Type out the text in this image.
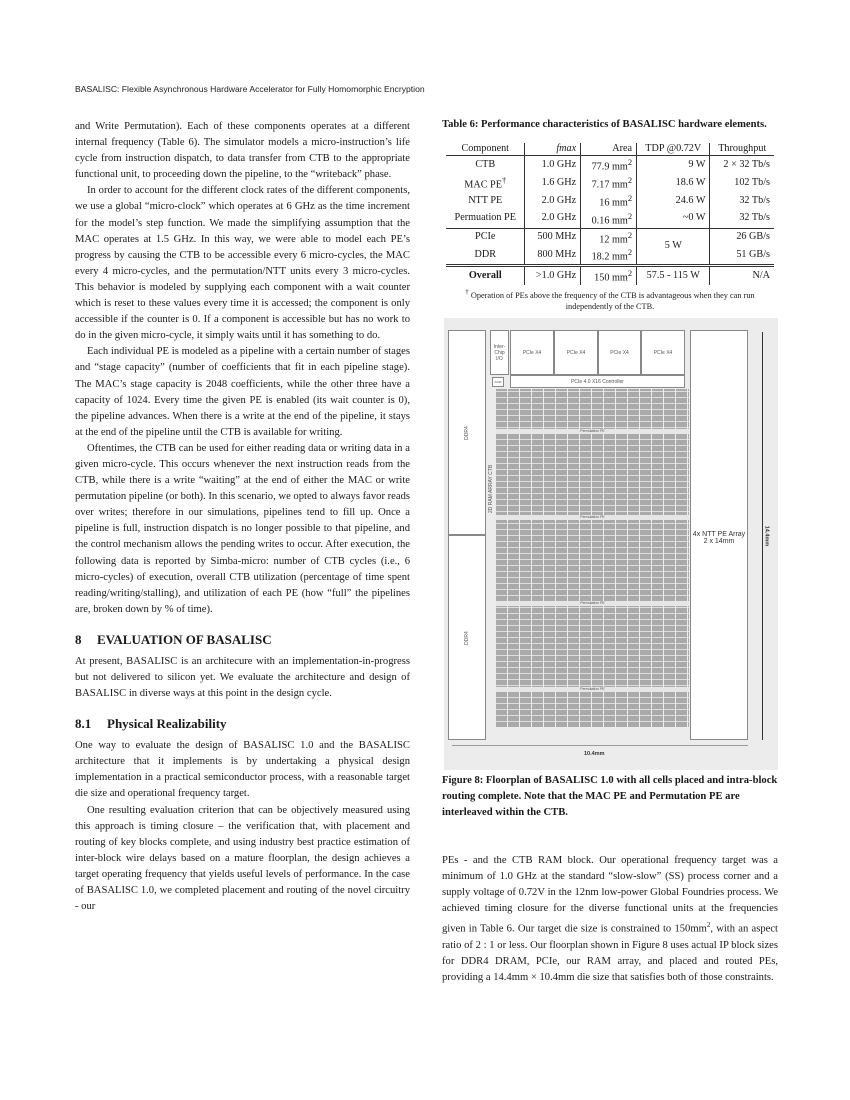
BASALISC: Flexible Asynchronous Hardware Accelerator for Fully Homomorphic Encryption

and Write Permutation). Each of these components operates at a different internal frequency (Table 6). The simulator models a micro-instruction’s life cycle from instruction dispatch, to data transfer from CTB to the appropriate functional unit, to proceeding down the pipeline, to the “writeback” phase.

In order to account for the different clock rates of the different components, we use a global “micro-clock” which operates at 6 GHz as the time increment for the model’s step function. We made the simplifying assumption that the MAC operates at 1.5 GHz. In this way, we were able to model each PE’s progress by causing the CTB to be accessible every 6 micro-cycles, the MAC every 4 micro-cycles, and the permutation/NTT units every 3 micro-cycles. This behavior is modeled by supplying each component with a wait counter which is reset to these values every time it is accessed; the component is only accessible if the counter is 0. If a component is accessible but has no work to do in the given micro-cycle, it simply waits until it has something to do.

Each individual PE is modeled as a pipeline with a certain number of stages and “stage capacity” (number of coefficients that fit in each pipeline stage). The MAC’s stage capacity is 2048 coefficients, while the other three have a capacity of 1024. Every time the given PE is enabled (its wait counter is 0), the pipeline advances. When there is a write at the end of the pipeline, it stays at the end of the pipeline until the CTB is available for writing.

Oftentimes, the CTB can be used for either reading data or writing data in a given micro-cycle. This occurs whenever the next instruction reads from the CTB, while there is a write “waiting” at the end of either the MAC or write permutation pipeline (or both). In this scenario, we opted to always favor reads over writes; therefore in our simulations, pipelines tend to fill up. Once a pipeline is full, instruction dispatch is no longer possible to that pipeline, and the control mechanism allows the pending writes to occur. After execution, the following data is reported by Simba-micro: number of CTB cycles (i.e., 6 micro-cycles) of execution, overall CTB utilization (percentage of time spent reading/writing/stalling), and utilization of each PE (how “full” the pipelines are, broken down by % of time).

8 EVALUATION OF BASALISC

At present, BASALISC is an architecure with an implementation-in-progress but not delivered to silicon yet. We evaluate the architecture and design of BASALISC in diverse ways at this point in the design cycle.

8.1 Physical Realizability

One way to evaluate the design of BASALISC 1.0 and the BASALISC architecture that it implements is by undertaking a physical design implementation in a practical semiconductor process, with a reasonable target die size and operational frequency target.

One resulting evaluation criterion that can be objectively measured using this approach is timing closure – the verification that, with placement and routing of key blocks complete, and using industry best practice estimation of inter-block wire delays based on a mature floorplan, the design achieves a target operating frequency that yields useful levels of performance. In the case of BASALISC 1.0, we completed placement and routing of the novel circuitry - our

Table 6: Performance characteristics of BASALISC hardware elements.
Component	fmax	Area	TDP @0.72V	Throughput
CTB	1.0 GHz	77.9 $mm^2$	9 W	2 × 32 Tb/s
MAC PE†	1.6 GHz	7.17 $mm^2$	18.6 W	102 Tb/s
NTT PE	2.0 GHz	16 $mm^2$	24.6 W	32 Tb/s
Permuation PE	2.0 GHz	0.16 $mm^2$	~0 W	32 Tb/s
PCIe	500 MHz	12 $mm^2$	5 W	26 GB/s
DDR	800 MHz	18.2 $mm^2$		51 GB/s
Overall	>1.0 GHz	150 $mm^2$	57.5 - 115 W	N/A
† Operation of PEs above the frequency of the CTB is advantageous when they can run independently of the CTB.
DDR4
DDR4
Inter-Chip I/O
PCIe X4	PCIe X4	PCIe X4	PCIe X4
RAM	PCIe 4.0 X16 Controller
2D RAM ARRAY CTB
Permutation PE
Permutation PE
Permutation PE
Permutation PE
4x NTT PE Array 2 x 14mm	14.4mm
10.4mm
Figure 8: Floorplan of BASALISC 1.0 with all cells placed and intra-block routing complete. Note that the MAC PE and Permutation PE are interleaved within the CTB.

PEs - and the CTB RAM block. Our operational frequency target was a minimum of 1.0 GHz at the standard “slow-slow” (SS) process corner and a supply voltage of 0.72V in the 12nm low-power Global Foundries process. We achieved timing closure for the diverse functional units at the frequencies given in Table 6. Our target die size is constrained to $150mm^2$, with an aspect ratio of 2 : 1 or less. Our floorplan shown in Figure 8 uses actual IP block sizes for DDR4 DRAM, PCIe, our RAM array, and placed and routed PEs, providing a 14.4mm × 10.4mm die size that satisfies both of those constraints.
